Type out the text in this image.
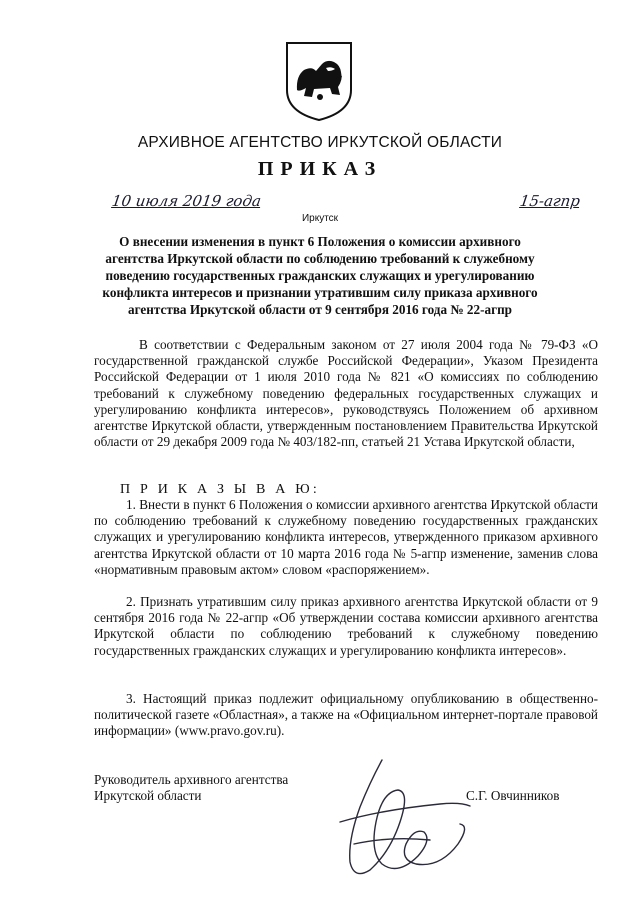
АРХИВНОЕ АГЕНТСТВО ИРКУТСКОЙ ОБЛАСТИ
ПРИКАЗ
10 июля 2019 года	15-агпр
Иркутск
О внесении изменения в пункт 6 Положения о комиссии архивного агентства Иркутской области по соблюдению требований к служебному поведению государственных гражданских служащих и урегулированию конфликта интересов и признании утратившим силу приказа архивного агентства Иркутской области от 9 сентября 2016 года № 22-агпр
В соответствии с Федеральным законом от 27 июля 2004 года № 79-ФЗ «О государственной гражданской службе Российской Федерации», Указом Президента Российской Федерации от 1 июля 2010 года № 821 «О комиссиях по соблюдению требований к служебному поведению федеральных государственных служащих и урегулированию конфликта интересов», руководствуясь Положением об архивном агентстве Иркутской области, утвержденным постановлением Правительства Иркутской области от 29 декабря 2009 года № 403/182-пп, статьей 21 Устава Иркутской области,
П Р И К А З Ы В А Ю:
1. Внести в пункт 6 Положения о комиссии архивного агентства Иркутской области по соблюдению требований к служебному поведению государственных гражданских служащих и урегулированию конфликта интересов, утвержденного приказом архивного агентства Иркутской области от 10 марта 2016 года № 5-агпр изменение, заменив слова «нормативным правовым актом» словом «распоряжением».
2. Признать утратившим силу приказ архивного агентства Иркутской области от 9 сентября 2016 года № 22-агпр «Об утверждении состава комиссии архивного агентства Иркутской области по соблюдению требований к служебному поведению государственных гражданских служащих и урегулированию конфликта интересов».
3. Настоящий приказ подлежит официальному опубликованию в общественно-политической газете «Областная», а также на «Официальном интернет-портале правовой информации» (www.pravo.gov.ru).
Руководитель архивного агентства
Иркутской области	С.Г. Овчинников
